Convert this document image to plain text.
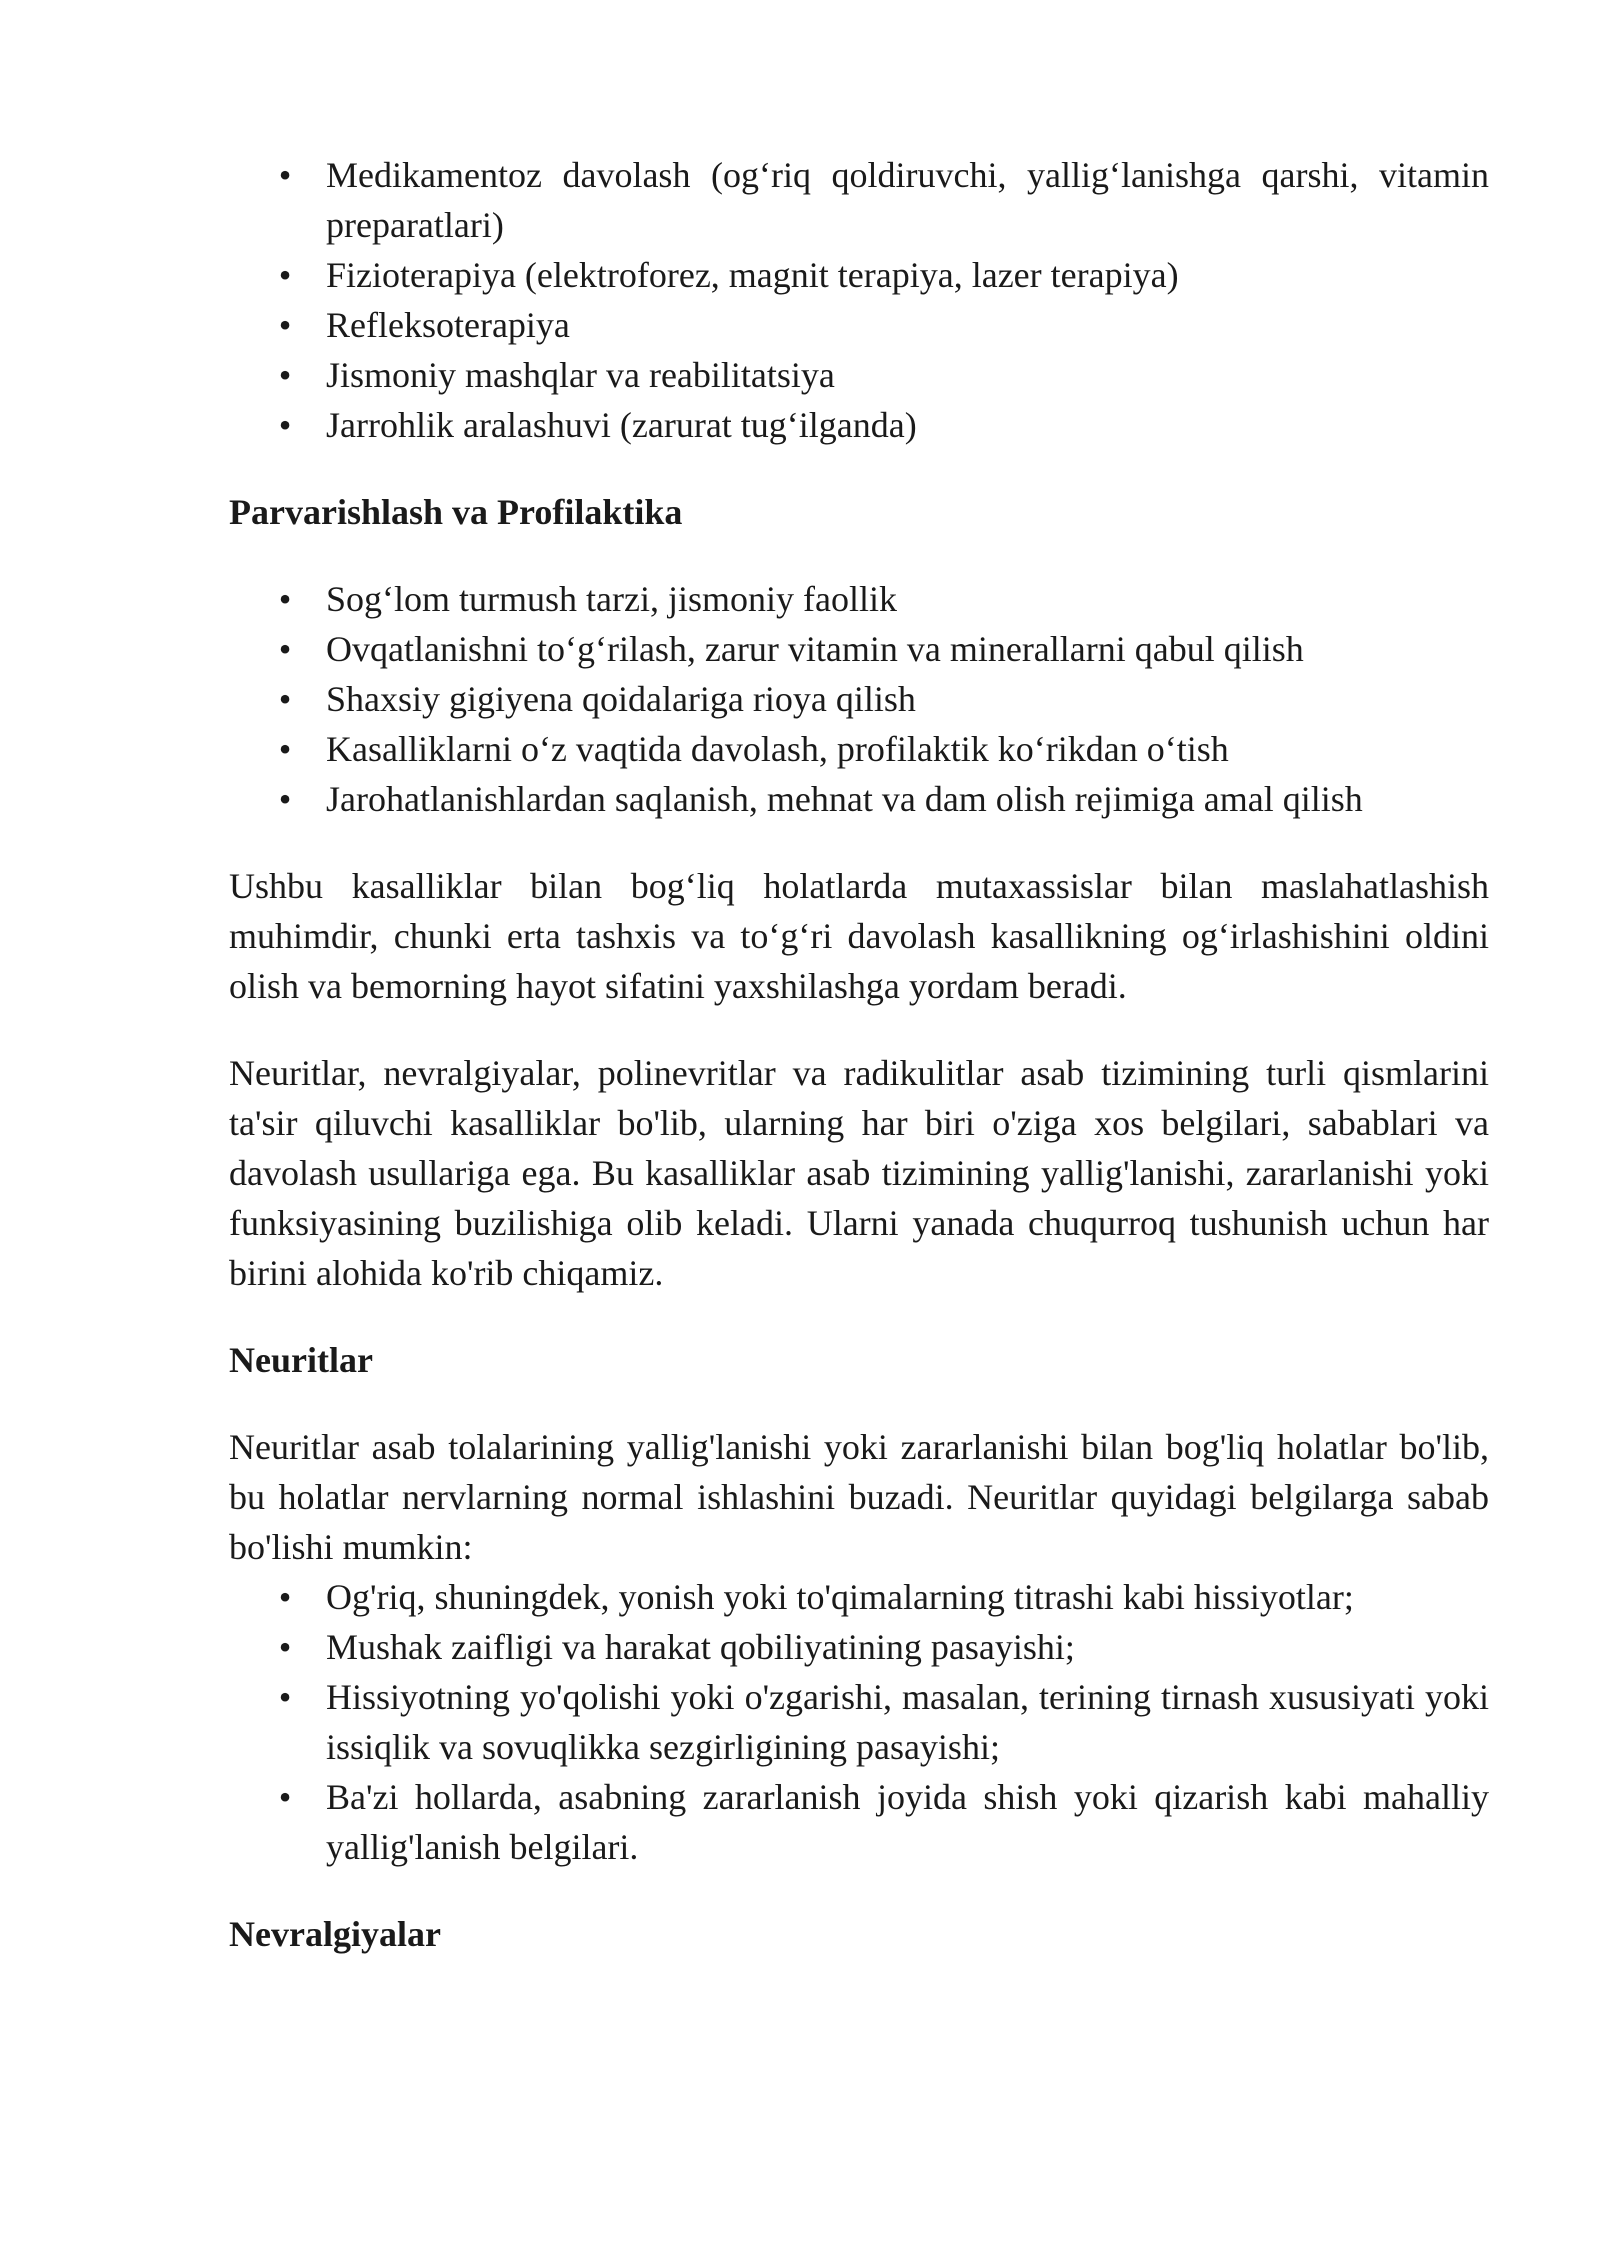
• Medikamentoz davolash (og‘riq qoldiruvchi, yallig‘lanishga qarshi, vitamin preparatlari)
• Fizioterapiya (elektroforez, magnit terapiya, lazer terapiya)
• Refleksoterapiya
• Jismoniy mashqlar va reabilitatsiya
• Jarrohlik aralashuvi (zarurat tug‘ilganda)
Parvarishlash va Profilaktika
• Sog‘lom turmush tarzi, jismoniy faollik
• Ovqatlanishni to‘g‘rilash, zarur vitamin va minerallarni qabul qilish
• Shaxsiy gigiyena qoidalariga rioya qilish
• Kasalliklarni o‘z vaqtida davolash, profilaktik ko‘rikdan o‘tish
• Jarohatlanishlardan saqlanish, mehnat va dam olish rejimiga amal qilish

Ushbu kasalliklar bilan bog‘liq holatlarda mutaxassislar bilan maslahatlashish muhimdir, chunki erta tashxis va to‘g‘ri davolash kasallikning og‘irlashishini oldini olish va bemorning hayot sifatini yaxshilashga yordam beradi.

Neuritlar, nevralgiyalar, polinevritlar va radikulitlar asab tizimining turli qismlarini ta'sir qiluvchi kasalliklar bo'lib, ularning har biri o'ziga xos belgilari, sabablari va davolash usullariga ega. Bu kasalliklar asab tizimining yallig'lanishi, zararlanishi yoki funksiyasining buzilishiga olib keladi. Ularni yanada chuqurroq tushunish uchun har birini alohida ko'rib chiqamiz.

Neuritlar

Neuritlar asab tolalarining yallig'lanishi yoki zararlanishi bilan bog'liq holatlar bo'lib, bu holatlar nervlarning normal ishlashini buzadi. Neuritlar quyidagi belgilarga sabab bo'lishi mumkin:

• Og'riq, shuningdek, yonish yoki to'qimalarning titrashi kabi hissiyotlar;
• Mushak zaifligi va harakat qobiliyatining pasayishi;
• Hissiyotning yo'qolishi yoki o'zgarishi, masalan, terining tirnash xususiyati yoki issiqlik va sovuqlikka sezgirligining pasayishi;
• Ba'zi hollarda, asabning zararlanish joyida shish yoki qizarish kabi mahalliy yallig'lanish belgilari.
Nevralgiyalar
